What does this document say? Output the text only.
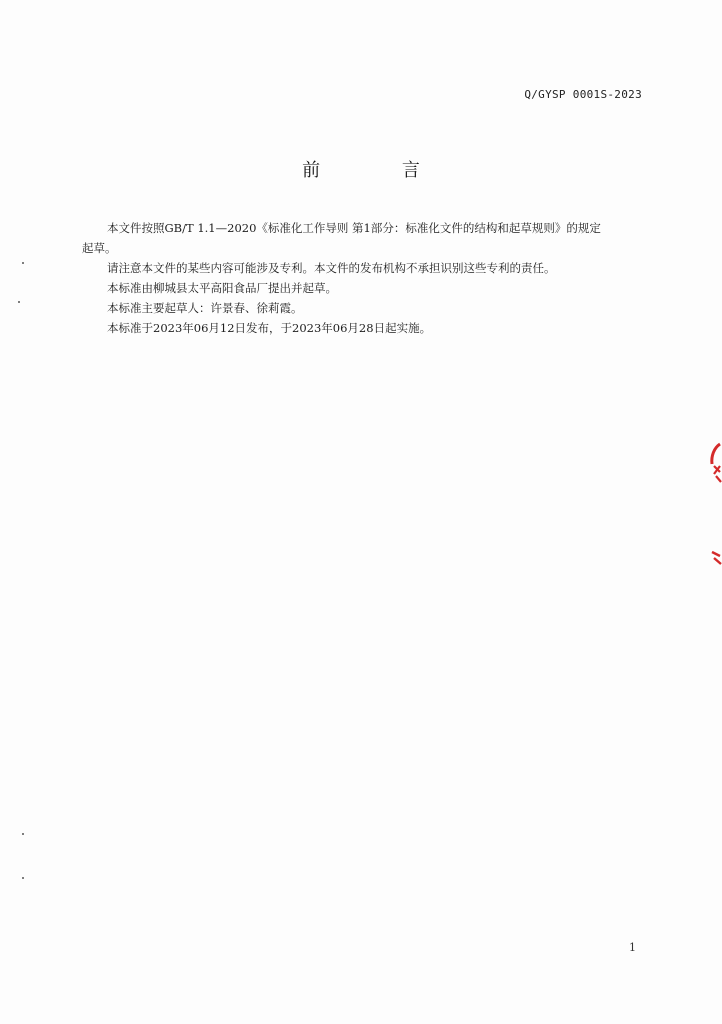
Q/GYSP 0001S-2023
前 言

本文件按照GB/T 1.1—2020《标准化工作导则 第1部分：标准化文件的结构和起草规则》的规定
起草。

请注意本文件的某些内容可能涉及专利。本文件的发布机构不承担识别这些专利的责任。

本标准由柳城县太平高阳食品厂提出并起草。

本标准主要起草人：许景春、徐莉霞。

本标准于2023年06月12日发布，于2023年06月28日起实施。

1
